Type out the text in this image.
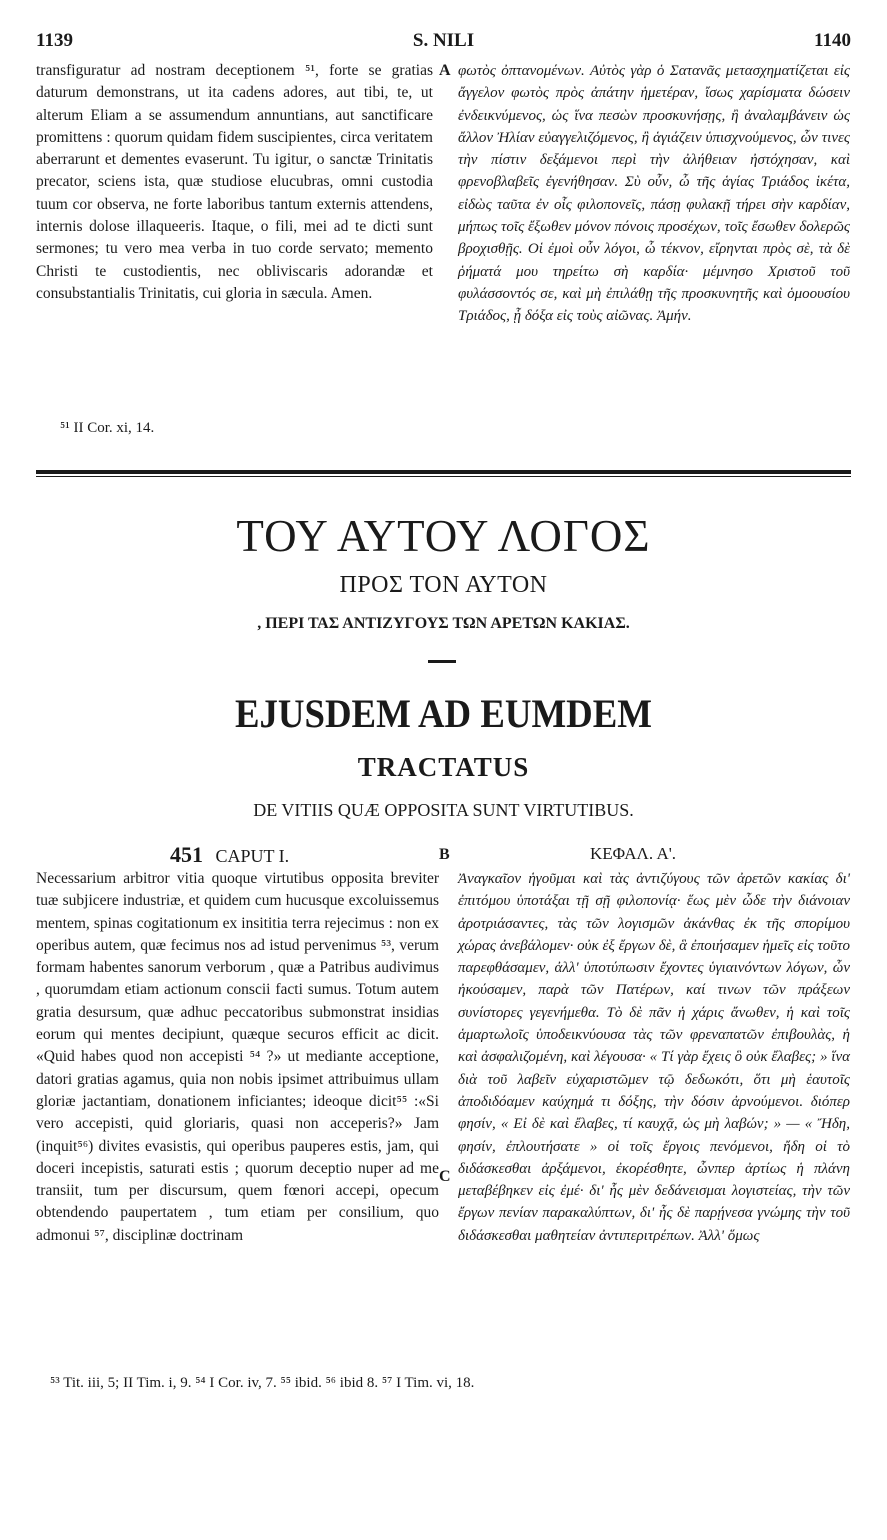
1139	S. NILI	1140

transfiguratur ad nostram deceptionem ⁵¹, forte se gratias daturum demonstrans, ut ita cadens adores, aut tibi, te, ut alterum Eliam a se assumendum annuntians, aut sanctificare promittens : quorum quidam fidem suscipientes, circa veritatem aberrarunt et dementes evaserunt. Tu igitur, o sanctæ Trinitatis precator, sciens ista, quæ studiose elucubras, omni custodia tuum cor observa, ne forte laboribus tantum externis attendens, internis dolose illaqueeris. Itaque, o fili, mei ad te dicti sunt sermones; tu vero mea verba in tuo corde servato; memento Christi te custodientis, nec obliviscaris adorandæ et consubstantialis Trinitatis, cui gloria in sæcula. Amen.

A φωτὸς ὀπτανομένων. Αὐτὸς γὰρ ὁ Σατανᾶς μετασχηματίζεται εἰς ἄγγελον φωτὸς πρὸς ἀπάτην ἡμετέραν, ἴσως χαρίσματα δώσειν ἐνδεικνύμενος, ὡς ἵνα πεσὼν προσκυνήσῃς, ἢ ἀναλαμβάνειν ὡς ἄλλον Ἠλίαν εὐαγγελιζόμενος, ἢ ἁγιάζειν ὑπισχνούμενος, ὧν τινες τὴν πίστιν δεξάμενοι περὶ τὴν ἀλήθειαν ἠστόχησαν, καὶ φρενοβλαβεῖς ἐγενήθησαν. Σὺ οὖν, ὦ τῆς ἁγίας Τριάδος ἱκέτα, εἰδὼς ταῦτα ἐν οἷς φιλοπονεῖς, πάσῃ φυλακῇ τήρει σὴν καρδίαν, μήπως τοῖς ἔξωθεν μόνον πόνοις προσέχων, τοῖς ἔσωθεν δολερῶς βροχισθῇς. Οἱ ἐμοὶ οὖν λόγοι, ὦ τέκνον, εἴρηνται πρὸς σὲ, τὰ δὲ ῥήματά μου τηρείτω σὴ καρδία· μέμνησο Χριστοῦ τοῦ φυλάσσοντός σε, καὶ μὴ ἐπιλάθῃ τῆς προσκυνητῆς καὶ ὁμοουσίου Τριάδος, ᾗ δόξα εἰς τοὺς αἰῶνας. Ἀμήν.

⁵¹ II Cor. xi, 14.
ΤΟΥ ΑΥΤΟΥ ΛΟΓΟΣ
ΠΡΟΣ ΤΟΝ ΑΥΤΟΝ
, ΠΕΡΙ ΤΑΣ ΑΝΤΙΖΥΓΟΥΣ ΤΩΝ ΑΡΕΤΩΝ ΚΑΚΙΑΣ.
EJUSDEM AD EUMDEM
TRACTATUS
DE VITIIS QUÆ OPPOSITA SUNT VIRTUTIBUS.
451 CAPUT I.	B	ΚΕΦΑΛ. Α'.

Necessarium arbitror vitia quoque virtutibus opposita breviter tuæ subjicere industriæ, et quidem cum hucusque excoluissemus mentem, spinas cogitationum ex insititia terra rejecimus : non ex operibus autem, quæ fecimus nos ad istud pervenimus ⁵³, verum formam habentes sanorum verborum , quæ a Patribus audivimus , quorumdam etiam actionum conscii facti sumus. Totum autem gratia desursum, quæ adhuc peccatoribus submonstrat insidias eorum qui mentes decipiunt, quæque securos efficit ac dicit. «Quid habes quod non accepisti ⁵⁴ ?» ut mediante acceptione, datori gratias agamus, quia non nobis ipsimet attribuimus ullam gloriæ jactantiam, donationem inficiantes; ideoque dicit⁵⁵ :«Si vero accepisti, quid gloriaris, quasi non acceperis?» Jam (inquit⁵⁶) divites evasistis, qui operibus pauperes estis, jam, qui doceri incepistis, saturati estis ; quorum deceptio nuper ad me transiit, tum per discursum, quem fœnori accepi, opecum obtendendo paupertatem , tum etiam per consilium, quo admonui ⁵⁷, disciplinæ doctrinam

C

Ἀναγκαῖον ἡγοῦμαι καὶ τὰς ἀντιζύγους τῶν ἀρετῶν κακίας δι' ἐπιτόμου ὑποτάξαι τῇ σῇ φιλοπονίᾳ· ἕως μὲν ὧδε τὴν διάνοιαν ἀροτριάσαντες, τὰς τῶν λογισμῶν ἀκάνθας ἐκ τῆς σπορίμου χώρας ἀνεβάλομεν· οὐκ ἐξ ἔργων δὲ, ἃ ἐποιήσαμεν ἡμεῖς εἰς τοῦτο παρεφθάσαμεν, ἀλλ' ὑποτύπωσιν ἔχοντες ὑγιαινόντων λόγων, ὧν ἠκούσαμεν, παρὰ τῶν Πατέρων, καί τινων τῶν πράξεων συνίστορες γεγενήμεθα. Τὸ δὲ πᾶν ἡ χάρις ἄνωθεν, ἡ καὶ τοῖς ἁμαρτωλοῖς ὑποδεικνύουσα τὰς τῶν φρεναπατῶν ἐπιβουλὰς, ἡ καὶ ἀσφαλιζομένη, καὶ λέγουσα· « Τί γὰρ ἔχεις ὃ οὐκ ἔλαβες; » ἵνα διὰ τοῦ λαβεῖν εὐχαριστῶμεν τῷ δεδωκότι, ὅτι μὴ ἑαυτοῖς ἀποδιδόαμεν καύχημά τι δόξης, τὴν δόσιν ἀρνούμενοι. διόπερ φησίν, « Εἰ δὲ καὶ ἔλαβες, τί καυχᾷ, ὡς μὴ λαβών; » — « Ἤδη, φησίν, ἐπλουτήσατε » οἱ τοῖς ἔργοις πενόμενοι, ἤδη οἱ τὸ διδάσκεσθαι ἀρξάμενοι, ἐκορέσθητε, ὧνπερ ἀρτίως ἡ πλάνη μεταβέβηκεν εἰς ἐμέ· δι' ἧς μὲν δεδάνεισμαι λογιστείας, τὴν τῶν ἔργων πενίαν παρακαλύπτων, δι' ἧς δὲ παρῄνεσα γνώμης τὴν τοῦ διδάσκεσθαι μαθητείαν ἀντιπεριτρέπων. Ἀλλ' ὅμως

⁵³ Tit. iii, 5; II Tim. i, 9. ⁵⁴ I Cor. iv, 7. ⁵⁵ ibid. ⁵⁶ ibid 8. ⁵⁷ I Tim. vi, 18.
